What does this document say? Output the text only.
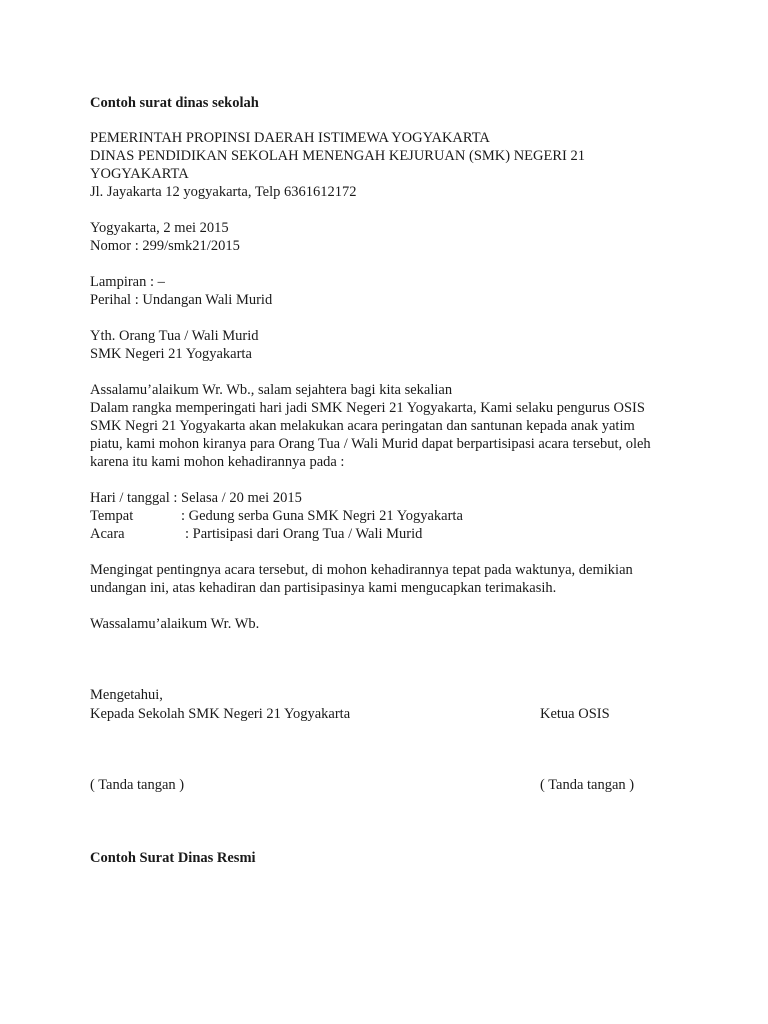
Contoh surat dinas sekolah
PEMERINTAH PROPINSI DAERAH ISTIMEWA YOGYAKARTA
DINAS PENDIDIKAN SEKOLAH MENENGAH KEJURUAN (SMK) NEGERI 21
YOGYAKARTA
Jl. Jayakarta 12 yogyakarta, Telp 6361612172
Yogyakarta, 2 mei 2015
Nomor : 299/smk21/2015
Lampiran : –
Perihal : Undangan Wali Murid
Yth. Orang Tua / Wali Murid
SMK Negeri 21 Yogyakarta
Assalamu’alaikum Wr. Wb., salam sejahtera bagi kita sekalian
Dalam rangka memperingati hari jadi SMK Negeri 21 Yogyakarta, Kami selaku pengurus OSIS
SMK Negri 21 Yogyakarta akan melakukan acara peringatan dan santunan kepada anak yatim
piatu, kami mohon kiranya para Orang Tua / Wali Murid dapat berpartisipasi acara tersebut, oleh
karena itu kami mohon kehadirannya pada :
Hari / tanggal : Selasa / 20 mei 2015
Tempat	: Gedung serba Guna SMK Negri 21 Yogyakarta
Acara	: Partisipasi dari Orang Tua / Wali Murid
Mengingat pentingnya acara tersebut, di mohon kehadirannya tepat pada waktunya, demikian
undangan ini, atas kehadiran dan partisipasinya kami mengucapkan terimakasih.
Wassalamu’alaikum Wr. Wb.
Mengetahui,
Kepada Sekolah SMK Negeri 21 Yogyakarta	Ketua OSIS
( Tanda tangan )	( Tanda tangan )
Contoh Surat Dinas Resmi
